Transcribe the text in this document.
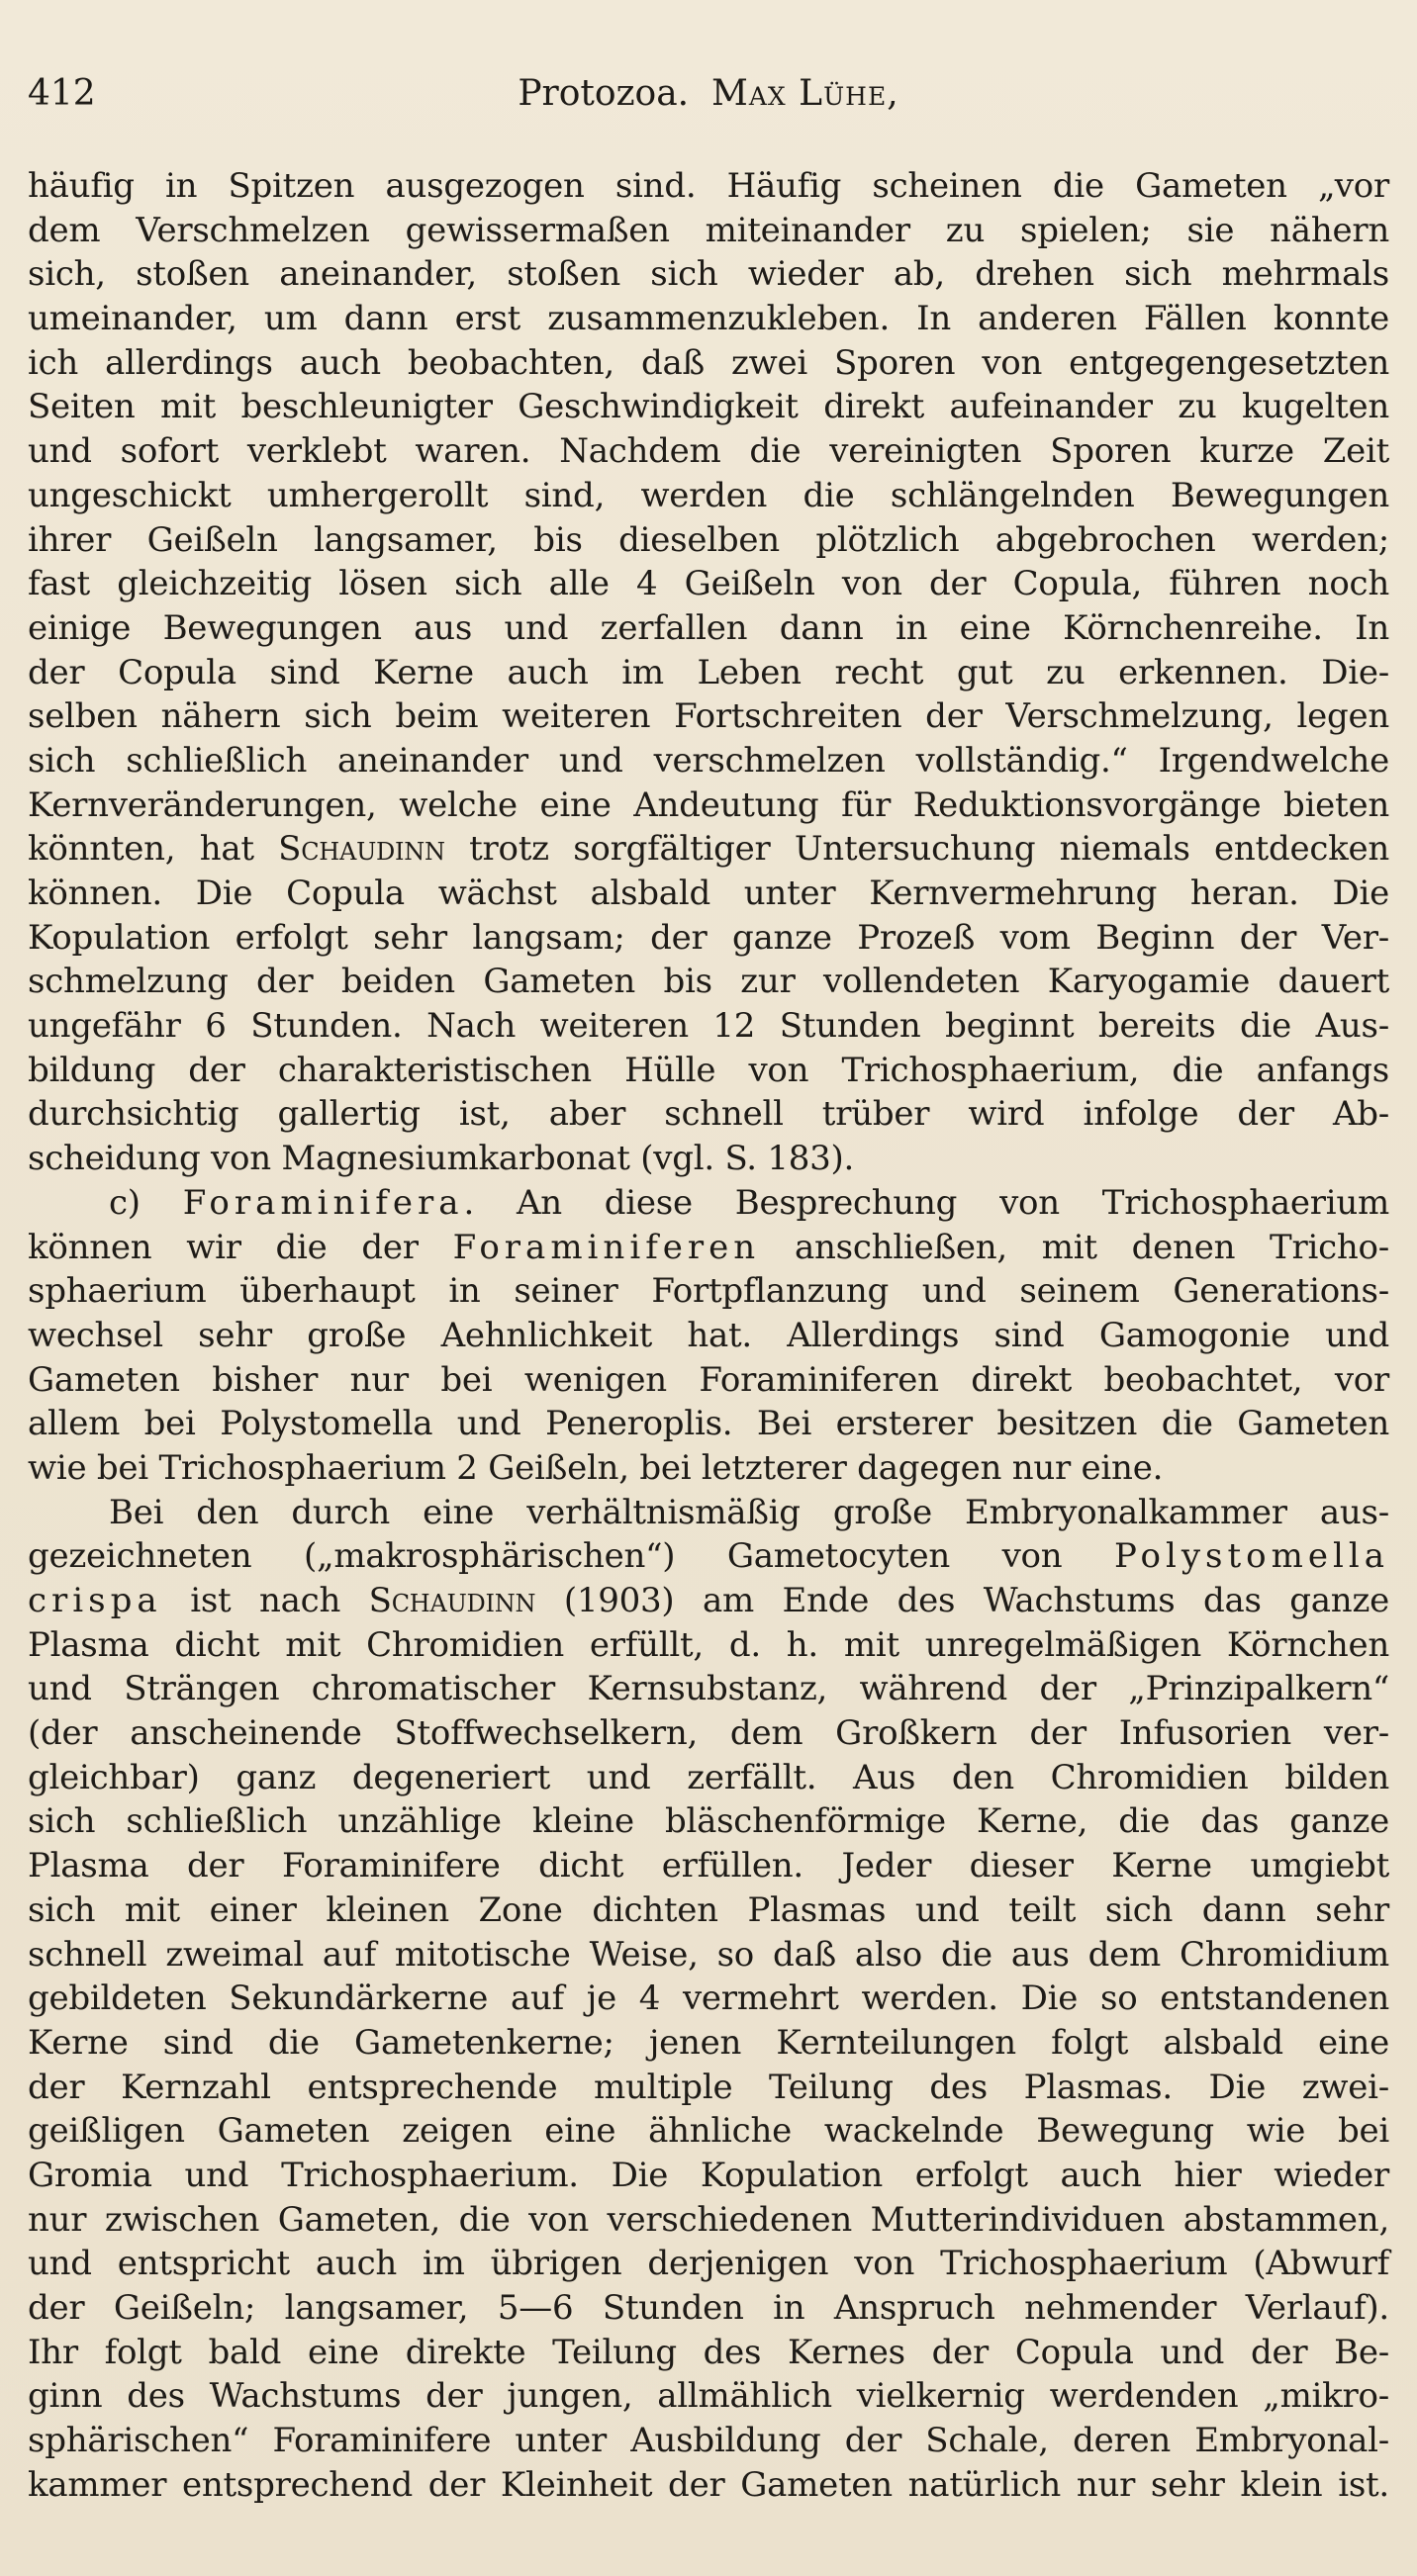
412	Protozoa. Max Lühe,
häufig in Spitzen ausgezogen sind. Häufig scheinen die Gameten „vor
dem Verschmelzen gewissermaßen miteinander zu spielen; sie nähern
sich, stoßen aneinander, stoßen sich wieder ab, drehen sich mehrmals
umeinander, um dann erst zusammenzukleben. In anderen Fällen konnte
ich allerdings auch beobachten, daß zwei Sporen von entgegengesetzten
Seiten mit beschleunigter Geschwindigkeit direkt aufeinander zu kugelten
und sofort verklebt waren. Nachdem die vereinigten Sporen kurze Zeit
ungeschickt umhergerollt sind, werden die schlängelnden Bewegungen
ihrer Geißeln langsamer, bis dieselben plötzlich abgebrochen werden;
fast gleichzeitig lösen sich alle 4 Geißeln von der Copula, führen noch
einige Bewegungen aus und zerfallen dann in eine Körnchenreihe. In
der Copula sind Kerne auch im Leben recht gut zu erkennen. Die-
selben nähern sich beim weiteren Fortschreiten der Verschmelzung, legen
sich schließlich aneinander und verschmelzen vollständig.“ Irgendwelche
Kernveränderungen, welche eine Andeutung für Reduktionsvorgänge bieten
könnten, hat Schaudinn trotz sorgfältiger Untersuchung niemals entdecken
können. Die Copula wächst alsbald unter Kernvermehrung heran. Die
Kopulation erfolgt sehr langsam; der ganze Prozeß vom Beginn der Ver-
schmelzung der beiden Gameten bis zur vollendeten Karyogamie dauert
ungefähr 6 Stunden. Nach weiteren 12 Stunden beginnt bereits die Aus-
bildung der charakteristischen Hülle von Trichosphaerium, die anfangs
durchsichtig gallertig ist, aber schnell trüber wird infolge der Ab-
scheidung von Magnesiumkarbonat (vgl. S. 183).
c) Foraminifera. An diese Besprechung von Trichosphaerium
können wir die der Foraminiferen anschließen, mit denen Tricho-
sphaerium überhaupt in seiner Fortpflanzung und seinem Generations-
wechsel sehr große Aehnlichkeit hat. Allerdings sind Gamogonie und
Gameten bisher nur bei wenigen Foraminiferen direkt beobachtet, vor
allem bei Polystomella und Peneroplis. Bei ersterer besitzen die Gameten
wie bei Trichosphaerium 2 Geißeln, bei letzterer dagegen nur eine.
Bei den durch eine verhältnismäßig große Embryonalkammer aus-
gezeichneten („makrosphärischen“) Gametocyten von Polystomella
crispa ist nach Schaudinn (1903) am Ende des Wachstums das ganze
Plasma dicht mit Chromidien erfüllt, d. h. mit unregelmäßigen Körnchen
und Strängen chromatischer Kernsubstanz, während der „Prinzipalkern“
(der anscheinende Stoffwechselkern, dem Großkern der Infusorien ver-
gleichbar) ganz degeneriert und zerfällt. Aus den Chromidien bilden
sich schließlich unzählige kleine bläschenförmige Kerne, die das ganze
Plasma der Foraminifere dicht erfüllen. Jeder dieser Kerne umgiebt
sich mit einer kleinen Zone dichten Plasmas und teilt sich dann sehr
schnell zweimal auf mitotische Weise, so daß also die aus dem Chromidium
gebildeten Sekundärkerne auf je 4 vermehrt werden. Die so entstandenen
Kerne sind die Gametenkerne; jenen Kernteilungen folgt alsbald eine
der Kernzahl entsprechende multiple Teilung des Plasmas. Die zwei-
geißligen Gameten zeigen eine ähnliche wackelnde Bewegung wie bei
Gromia und Trichosphaerium. Die Kopulation erfolgt auch hier wieder
nur zwischen Gameten, die von verschiedenen Mutterindividuen abstammen,
und entspricht auch im übrigen derjenigen von Trichosphaerium (Abwurf
der Geißeln; langsamer, 5—6 Stunden in Anspruch nehmender Verlauf).
Ihr folgt bald eine direkte Teilung des Kernes der Copula und der Be-
ginn des Wachstums der jungen, allmählich vielkernig werdenden „mikro-
sphärischen“ Foraminifere unter Ausbildung der Schale, deren Embryonal-
kammer entsprechend der Kleinheit der Gameten natürlich nur sehr klein ist.
